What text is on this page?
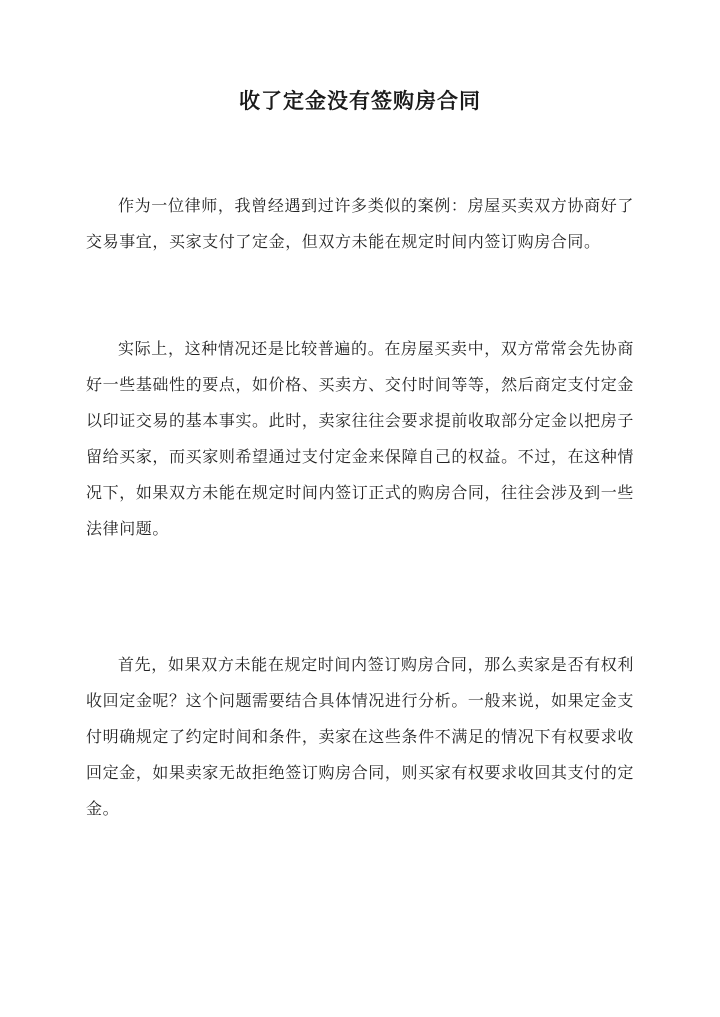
收了定金没有签购房合同

作为一位律师，我曾经遇到过许多类似的案例：房屋买卖双方协商好了交易事宜，买家支付了定金，但双方未能在规定时间内签订购房合同。

实际上，这种情况还是比较普遍的。在房屋买卖中，双方常常会先协商好一些基础性的要点，如价格、买卖方、交付时间等等，然后商定支付定金以印证交易的基本事实。此时，卖家往往会要求提前收取部分定金以把房子留给买家，而买家则希望通过支付定金来保障自己的权益。不过，在这种情况下，如果双方未能在规定时间内签订正式的购房合同，往往会涉及到一些法律问题。

首先，如果双方未能在规定时间内签订购房合同，那么卖家是否有权利收回定金呢？这个问题需要结合具体情况进行分析。一般来说，如果定金支付明确规定了约定时间和条件，卖家在这些条件不满足的情况下有权要求收回定金，如果卖家无故拒绝签订购房合同，则买家有权要求收回其支付的定金。
